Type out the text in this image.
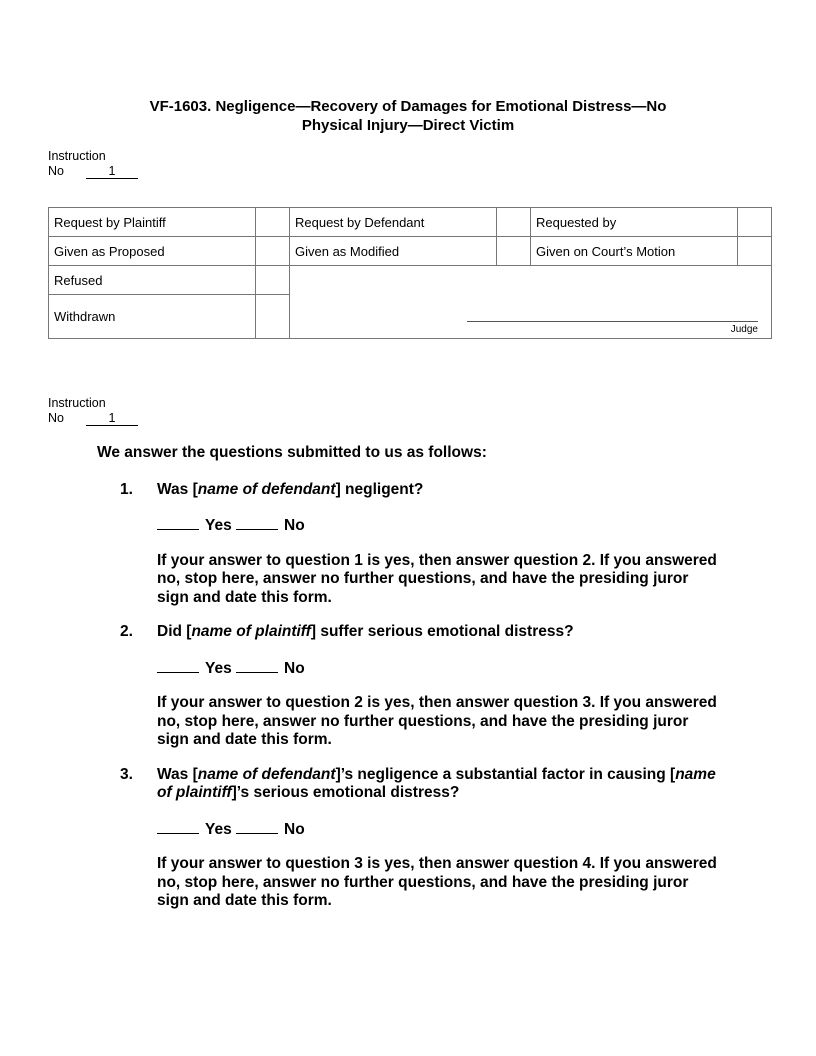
VF-1603. Negligence—Recovery of Damages for Emotional Distress—No
Physical Injury—Direct Victim
Instruction
No	1
Request by Plaintiff		Request by Defendant		Requested by	
Given as Proposed		Given as Modified		Given on Court’s Motion	
Refused		Judge			

Withdrawn					
Instruction
No	1

We answer the questions submitted to us as follows:

1. Was [name of defendant] negligent?

Yes	No

If your answer to question 1 is yes, then answer question 2. If you answered no, stop here, answer no further questions, and have the presiding juror sign and date this form.

2. Did [name of plaintiff] suffer serious emotional distress?

Yes	No

If your answer to question 2 is yes, then answer question 3. If you answered no, stop here, answer no further questions, and have the presiding juror sign and date this form.

3. Was [name of defendant]’s negligence a substantial factor in causing [name of plaintiff]’s serious emotional distress?

Yes	No

If your answer to question 3 is yes, then answer question 4. If you answered no, stop here, answer no further questions, and have the presiding juror sign and date this form.
